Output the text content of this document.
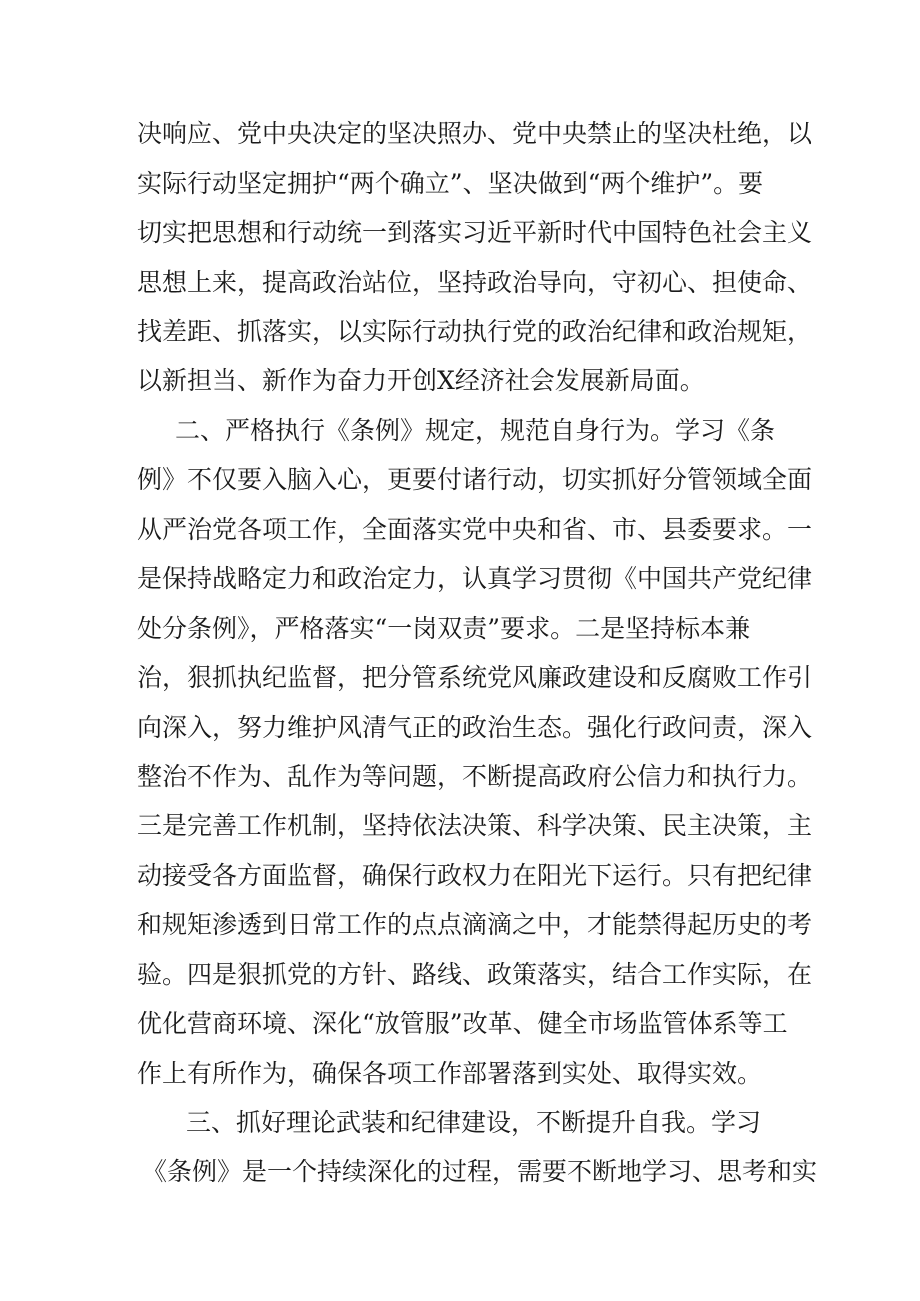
决响应、党中央决定的坚决照办、党中央禁止的坚决杜绝，以
实际行动坚定拥护“两个确立”、坚决做到“两个维护”。要
切实把思想和行动统一到落实习近平新时代中国特色社会主义
思想上来，提高政治站位，坚持政治导向，守初心、担使命、
找差距、抓落实，以实际行动执行党的政治纪律和政治规矩，
以新担当、新作为奋力开创X经济社会发展新局面。
二、严格执行《条例》规定，规范自身行为。学习《条
例》不仅要入脑入心，更要付诸行动，切实抓好分管领域全面
从严治党各项工作，全面落实党中央和省、市、县委要求。一
是保持战略定力和政治定力，认真学习贯彻《中国共产党纪律
处分条例》，严格落实“一岗双责”要求。二是坚持标本兼
治，狠抓执纪监督，把分管系统党风廉政建设和反腐败工作引
向深入，努力维护风清气正的政治生态。强化行政问责，深入
整治不作为、乱作为等问题，不断提高政府公信力和执行力。
三是完善工作机制，坚持依法决策、科学决策、民主决策，主
动接受各方面监督，确保行政权力在阳光下运行。只有把纪律
和规矩渗透到日常工作的点点滴滴之中，才能禁得起历史的考
验。四是狠抓党的方针、路线、政策落实，结合工作实际，在
优化营商环境、深化“放管服”改革、健全市场监管体系等工
作上有所作为，确保各项工作部署落到实处、取得实效。
三、抓好理论武装和纪律建设，不断提升自我。学习
《条例》是一个持续深化的过程，需要不断地学习、思考和实
